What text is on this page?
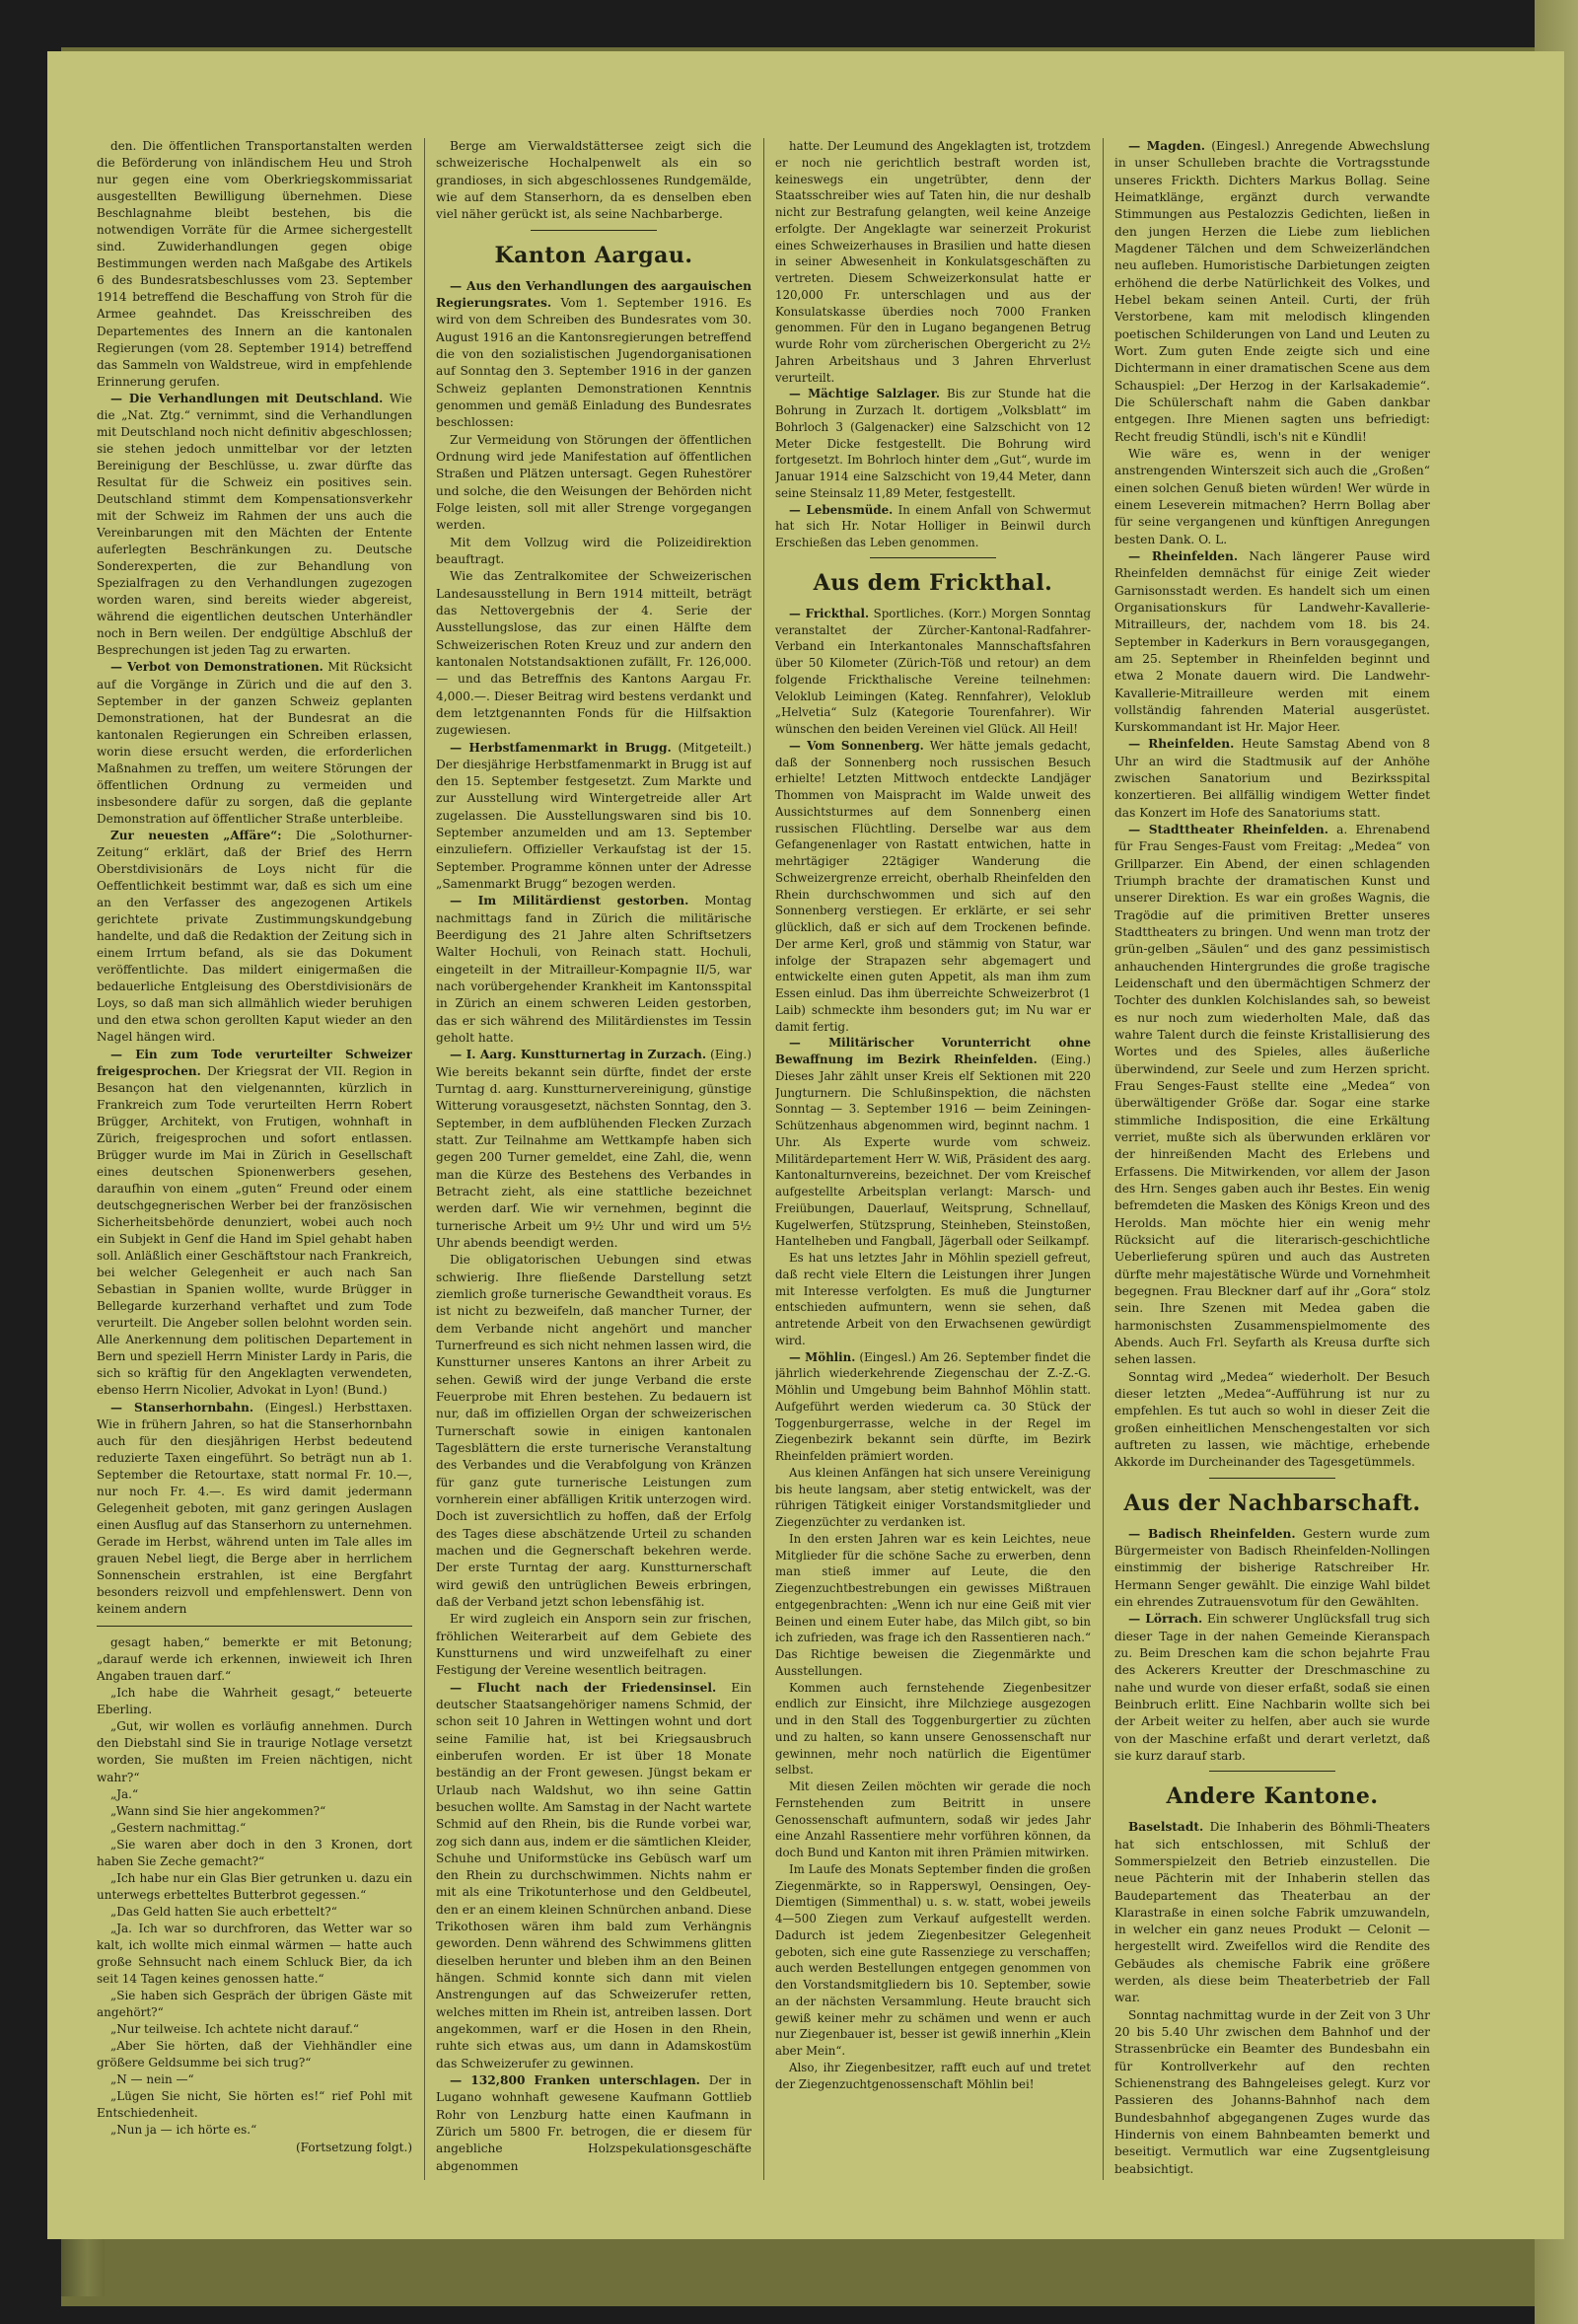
den. Die öffentlichen Transportanstalten werden die Beförderung von inländischem Heu und Stroh nur gegen eine vom Oberkriegskommissariat ausgestellten Bewilligung übernehmen. Diese Beschlagnahme bleibt bestehen, bis die notwendigen Vorräte für die Armee sichergestellt sind. Zuwiderhandlungen gegen obige Bestimmungen werden nach Maßgabe des Artikels 6 des Bundesratsbeschlusses vom 23. September 1914 betreffend die Beschaffung von Stroh für die Armee geahndet. Das Kreisschreiben des Departementes des Innern an die kantonalen Regierungen (vom 28. September 1914) betreffend das Sammeln von Waldstreue, wird in empfehlende Erinnerung gerufen.

— Die Verhandlungen mit Deutschland. Wie die „Nat. Ztg.“ vernimmt, sind die Verhandlungen mit Deutschland noch nicht definitiv abgeschlossen; sie stehen jedoch unmittelbar vor der letzten Bereinigung der Beschlüsse, u. zwar dürfte das Resultat für die Schweiz ein positives sein. Deutschland stimmt dem Kompensationsverkehr mit der Schweiz im Rahmen der uns auch die Vereinbarungen mit den Mächten der Entente auferlegten Beschränkungen zu. Deutsche Sonderexperten, die zur Behandlung von Spezialfragen zu den Verhandlungen zugezogen worden waren, sind bereits wieder abgereist, während die eigentlichen deutschen Unterhändler noch in Bern weilen. Der endgültige Abschluß der Besprechungen ist jeden Tag zu erwarten.

— Verbot von Demonstrationen. Mit Rücksicht auf die Vorgänge in Zürich und die auf den 3. September in der ganzen Schweiz geplanten Demonstrationen, hat der Bundesrat an die kantonalen Regierungen ein Schreiben erlassen, worin diese ersucht werden, die erforderlichen Maßnahmen zu treffen, um weitere Störungen der öffentlichen Ordnung zu vermeiden und insbesondere dafür zu sorgen, daß die geplante Demonstration auf öffentlicher Straße unterbleibe.

Zur neuesten „Affäre“: Die „Solothurner-Zeitung“ erklärt, daß der Brief des Herrn Oberstdivisionärs de Loys nicht für die Oeffentlichkeit bestimmt war, daß es sich um eine an den Verfasser des angezogenen Artikels gerichtete private Zustimmungskundgebung handelte, und daß die Redaktion der Zeitung sich in einem Irrtum befand, als sie das Dokument veröffentlichte. Das mildert einigermaßen die bedauerliche Entgleisung des Oberstdivisionärs de Loys, so daß man sich allmählich wieder beruhigen und den etwa schon gerollten Kaput wieder an den Nagel hängen wird.

— Ein zum Tode verurteilter Schweizer freigesprochen. Der Kriegsrat der VII. Region in Besançon hat den vielgenannten, kürzlich in Frankreich zum Tode verurteilten Herrn Robert Brügger, Architekt, von Frutigen, wohnhaft in Zürich, freigesprochen und sofort entlassen. Brügger wurde im Mai in Zürich in Gesellschaft eines deutschen Spionenwerbers gesehen, daraufhin von einem „guten“ Freund oder einem deutschgegnerischen Werber bei der französischen Sicherheitsbehörde denunziert, wobei auch noch ein Subjekt in Genf die Hand im Spiel gehabt haben soll. Anläßlich einer Geschäftstour nach Frankreich, bei welcher Gelegenheit er auch nach San Sebastian in Spanien wollte, wurde Brügger in Bellegarde kurzerhand verhaftet und zum Tode verurteilt. Die Angeber sollen belohnt worden sein. Alle Anerkennung dem politischen Departement in Bern und speziell Herrn Minister Lardy in Paris, die sich so kräftig für den Angeklagten verwendeten, ebenso Herrn Nicolier, Advokat in Lyon! (Bund.)

— Stanserhornbahn. (Eingesl.) Herbsttaxen. Wie in frühern Jahren, so hat die Stanserhornbahn auch für den diesjährigen Herbst bedeutend reduzierte Taxen eingeführt. So beträgt nun ab 1. September die Retourtaxe, statt normal Fr. 10.—, nur noch Fr. 4.—. Es wird damit jedermann Gelegenheit geboten, mit ganz geringen Auslagen einen Ausflug auf das Stanserhorn zu unternehmen. Gerade im Herbst, während unten im Tale alles im grauen Nebel liegt, die Berge aber in herrlichem Sonnenschein erstrahlen, ist eine Bergfahrt besonders reizvoll und empfehlenswert. Denn von keinem andern

gesagt haben,“ bemerkte er mit Betonung; „darauf werde ich erkennen, inwieweit ich Ihren Angaben trauen darf.“

„Ich habe die Wahrheit gesagt,“ beteuerte Eberling.

„Gut, wir wollen es vorläufig annehmen. Durch den Diebstahl sind Sie in traurige Notlage versetzt worden, Sie mußten im Freien nächtigen, nicht wahr?“

„Ja.“

„Wann sind Sie hier angekommen?“

„Gestern nachmittag.“

„Sie waren aber doch in den 3 Kronen, dort haben Sie Zeche gemacht?“

„Ich habe nur ein Glas Bier getrunken u. dazu ein unterwegs erbetteltes Butterbrot gegessen.“

„Das Geld hatten Sie auch erbettelt?“

„Ja. Ich war so durchfroren, das Wetter war so kalt, ich wollte mich einmal wärmen — hatte auch große Sehnsucht nach einem Schluck Bier, da ich seit 14 Tagen keines genossen hatte.“

„Sie haben sich Gespräch der übrigen Gäste mit angehört?“

„Nur teilweise. Ich achtete nicht darauf.“

„Aber Sie hörten, daß der Viehhändler eine größere Geldsumme bei sich trug?“

„N — nein —“

„Lügen Sie nicht, Sie hörten es!“ rief Pohl mit Entschiedenheit.

„Nun ja — ich hörte es.“

(Fortsetzung folgt.)

Berge am Vierwaldstättersee zeigt sich die schweizerische Hochalpenwelt als ein so grandioses, in sich abgeschlossenes Rundgemälde, wie auf dem Stanserhorn, da es denselben eben viel näher gerückt ist, als seine Nachbarberge.

Kanton Aargau.

— Aus den Verhandlungen des aargauischen Regierungsrates. Vom 1. September 1916. Es wird von dem Schreiben des Bundesrates vom 30. August 1916 an die Kantonsregierungen betreffend die von den sozialistischen Jugendorganisationen auf Sonntag den 3. September 1916 in der ganzen Schweiz geplanten Demonstrationen Kenntnis genommen und gemäß Einladung des Bundesrates beschlossen:

Zur Vermeidung von Störungen der öffentlichen Ordnung wird jede Manifestation auf öffentlichen Straßen und Plätzen untersagt. Gegen Ruhestörer und solche, die den Weisungen der Behörden nicht Folge leisten, soll mit aller Strenge vorgegangen werden.

Mit dem Vollzug wird die Polizeidirektion beauftragt.

Wie das Zentralkomitee der Schweizerischen Landesausstellung in Bern 1914 mitteilt, beträgt das Nettovergebnis der 4. Serie der Ausstellungslose, das zur einen Hälfte dem Schweizerischen Roten Kreuz und zur andern den kantonalen Notstandsaktionen zufällt, Fr. 126,000.— und das Betreffnis des Kantons Aargau Fr. 4,000.—. Dieser Beitrag wird bestens verdankt und dem letztgenannten Fonds für die Hilfsaktion zugewiesen.

— Herbstfamenmarkt in Brugg. (Mitgeteilt.) Der diesjährige Herbstfamenmarkt in Brugg ist auf den 15. September festgesetzt. Zum Markte und zur Ausstellung wird Wintergetreide aller Art zugelassen. Die Ausstellungswaren sind bis 10. September anzumelden und am 13. September einzuliefern. Offizieller Verkaufstag ist der 15. September. Programme können unter der Adresse „Samenmarkt Brugg“ bezogen werden.

— Im Militärdienst gestorben. Montag nachmittags fand in Zürich die militärische Beerdigung des 21 Jahre alten Schriftsetzers Walter Hochuli, von Reinach statt. Hochuli, eingeteilt in der Mitrailleur-Kompagnie II/5, war nach vorübergehender Krankheit im Kantonsspital in Zürich an einem schweren Leiden gestorben, das er sich während des Militärdienstes im Tessin geholt hatte.

— I. Aarg. Kunstturnertag in Zurzach. (Eing.) Wie bereits bekannt sein dürfte, findet der erste Turntag d. aarg. Kunstturnervereinigung, günstige Witterung vorausgesetzt, nächsten Sonntag, den 3. September, in dem aufblühenden Flecken Zurzach statt. Zur Teilnahme am Wettkampfe haben sich gegen 200 Turner gemeldet, eine Zahl, die, wenn man die Kürze des Bestehens des Verbandes in Betracht zieht, als eine stattliche bezeichnet werden darf. Wie wir vernehmen, beginnt die turnerische Arbeit um 9½ Uhr und wird um 5½ Uhr abends beendigt werden.

Die obligatorischen Uebungen sind etwas schwierig. Ihre fließende Darstellung setzt ziemlich große turnerische Gewandtheit voraus. Es ist nicht zu bezweifeln, daß mancher Turner, der dem Verbande nicht angehört und mancher Turnerfreund es sich nicht nehmen lassen wird, die Kunstturner unseres Kantons an ihrer Arbeit zu sehen. Gewiß wird der junge Verband die erste Feuerprobe mit Ehren bestehen. Zu bedauern ist nur, daß im offiziellen Organ der schweizerischen Turnerschaft sowie in einigen kantonalen Tagesblättern die erste turnerische Veranstaltung des Verbandes und die Verabfolgung von Kränzen für ganz gute turnerische Leistungen zum vornherein einer abfälligen Kritik unterzogen wird. Doch ist zuversichtlich zu hoffen, daß der Erfolg des Tages diese abschätzende Urteil zu schanden machen und die Gegnerschaft bekehren werde. Der erste Turntag der aarg. Kunstturnerschaft wird gewiß den untrüglichen Beweis erbringen, daß der Verband jetzt schon lebensfähig ist.

Er wird zugleich ein Ansporn sein zur frischen, fröhlichen Weiterarbeit auf dem Gebiete des Kunstturnens und wird unzweifelhaft zu einer Festigung der Vereine wesentlich beitragen.

— Flucht nach der Friedensinsel. Ein deutscher Staatsangehöriger namens Schmid, der schon seit 10 Jahren in Wettingen wohnt und dort seine Familie hat, ist bei Kriegsausbruch einberufen worden. Er ist über 18 Monate beständig an der Front gewesen. Jüngst bekam er Urlaub nach Waldshut, wo ihn seine Gattin besuchen wollte. Am Samstag in der Nacht wartete Schmid auf den Rhein, bis die Runde vorbei war, zog sich dann aus, indem er die sämtlichen Kleider, Schuhe und Uniformstücke ins Gebüsch warf um den Rhein zu durchschwimmen. Nichts nahm er mit als eine Trikotunterhose und den Geldbeutel, den er an einem kleinen Schnürchen anband. Diese Trikothosen wären ihm bald zum Verhängnis geworden. Denn während des Schwimmens glitten dieselben herunter und bleben ihm an den Beinen hängen. Schmid konnte sich dann mit vielen Anstrengungen auf das Schweizerufer retten, welches mitten im Rhein ist, antreiben lassen. Dort angekommen, warf er die Hosen in den Rhein, ruhte sich etwas aus, um dann in Adamskostüm das Schweizerufer zu gewinnen.

— 132,800 Franken unterschlagen. Der in Lugano wohnhaft gewesene Kaufmann Gottlieb Rohr von Lenzburg hatte einen Kaufmann in Zürich um 5800 Fr. betrogen, die er diesem für angebliche Holzspekulationsgeschäfte abgenommen

hatte. Der Leumund des Angeklagten ist, trotzdem er noch nie gerichtlich bestraft worden ist, keineswegs ein ungetrübter, denn der Staatsschreiber wies auf Taten hin, die nur deshalb nicht zur Bestrafung gelangten, weil keine Anzeige erfolgte. Der Angeklagte war seinerzeit Prokurist eines Schweizerhauses in Brasilien und hatte diesen in seiner Abwesenheit in Konkulatsgeschäften zu vertreten. Diesem Schweizerkonsulat hatte er 120,000 Fr. unterschlagen und aus der Konsulatskasse überdies noch 7000 Franken genommen. Für den in Lugano begangenen Betrug wurde Rohr vom zürcherischen Obergericht zu 2½ Jahren Arbeitshaus und 3 Jahren Ehrverlust verurteilt.

— Mächtige Salzlager. Bis zur Stunde hat die Bohrung in Zurzach lt. dortigem „Volksblatt“ im Bohrloch 3 (Galgenacker) eine Salzschicht von 12 Meter Dicke festgestellt. Die Bohrung wird fortgesetzt. Im Bohrloch hinter dem „Gut“, wurde im Januar 1914 eine Salzschicht von 19,44 Meter, dann seine Steinsalz 11,89 Meter, festgestellt.

— Lebensmüde. In einem Anfall von Schwermut hat sich Hr. Notar Holliger in Beinwil durch Erschießen das Leben genommen.

Aus dem Frickthal.

— Frickthal. Sportliches. (Korr.) Morgen Sonntag veranstaltet der Zürcher-Kantonal-Radfahrer-Verband ein Interkantonales Mannschaftsfahren über 50 Kilometer (Zürich-Töß und retour) an dem folgende Frickthalische Vereine teilnehmen: Veloklub Leimingen (Kateg. Rennfahrer), Veloklub „Helvetia“ Sulz (Kategorie Tourenfahrer). Wir wünschen den beiden Vereinen viel Glück. All Heil!

— Vom Sonnenberg. Wer hätte jemals gedacht, daß der Sonnenberg noch russischen Besuch erhielte! Letzten Mittwoch entdeckte Landjäger Thommen von Maispracht im Walde unweit des Aussichtsturmes auf dem Sonnenberg einen russischen Flüchtling. Derselbe war aus dem Gefangenenlager von Rastatt entwichen, hatte in mehrtägiger 22tägiger Wanderung die Schweizergrenze erreicht, oberhalb Rheinfelden den Rhein durchschwommen und sich auf den Sonnenberg verstiegen. Er erklärte, er sei sehr glücklich, daß er sich auf dem Trockenen befinde. Der arme Kerl, groß und stämmig von Statur, war infolge der Strapazen sehr abgemagert und entwickelte einen guten Appetit, als man ihm zum Essen einlud. Das ihm überreichte Schweizerbrot (1 Laib) schmeckte ihm besonders gut; im Nu war er damit fertig.

— Militärischer Vorunterricht ohne Bewaffnung im Bezirk Rheinfelden. (Eing.) Dieses Jahr zählt unser Kreis elf Sektionen mit 220 Jungturnern. Die Schlußinspektion, die nächsten Sonntag — 3. September 1916 — beim Zeiningen-Schützenhaus abgenommen wird, beginnt nachm. 1 Uhr. Als Experte wurde vom schweiz. Militärdepartement Herr W. Wiß, Präsident des aarg. Kantonalturnvereins, bezeichnet. Der vom Kreischef aufgestellte Arbeitsplan verlangt: Marsch- und Freiübungen, Dauerlauf, Weitsprung, Schnellauf, Kugelwerfen, Stützsprung, Steinheben, Steinstoßen, Hantelheben und Fangball, Jägerball oder Seilkampf.

Es hat uns letztes Jahr in Möhlin speziell gefreut, daß recht viele Eltern die Leistungen ihrer Jungen mit Interesse verfolgten. Es muß die Jungturner entschieden aufmuntern, wenn sie sehen, daß antretende Arbeit von den Erwachsenen gewürdigt wird.

— Möhlin. (Eingesl.) Am 26. September findet die jährlich wiederkehrende Ziegenschau der Z.-Z.-G. Möhlin und Umgebung beim Bahnhof Möhlin statt. Aufgeführt werden wiederum ca. 30 Stück der Toggenburgerrasse, welche in der Regel im Ziegenbezirk bekannt sein dürfte, im Bezirk Rheinfelden prämiert worden.

Aus kleinen Anfängen hat sich unsere Vereinigung bis heute langsam, aber stetig entwickelt, was der rührigen Tätigkeit einiger Vorstandsmitglieder und Ziegenzüchter zu verdanken ist.

In den ersten Jahren war es kein Leichtes, neue Mitglieder für die schöne Sache zu erwerben, denn man stieß immer auf Leute, die den Ziegenzuchtbestrebungen ein gewisses Mißtrauen entgegenbrachten: „Wenn ich nur eine Geiß mit vier Beinen und einem Euter habe, das Milch gibt, so bin ich zufrieden, was frage ich den Rassentieren nach.“ Das Richtige beweisen die Ziegenmärkte und Ausstellungen.

Kommen auch fernstehende Ziegenbesitzer endlich zur Einsicht, ihre Milchziege ausgezogen und in den Stall des Toggenburgertier zu züchten und zu halten, so kann unsere Genossenschaft nur gewinnen, mehr noch natürlich die Eigentümer selbst.

Mit diesen Zeilen möchten wir gerade die noch Fernstehenden zum Beitritt in unsere Genossenschaft aufmuntern, sodaß wir jedes Jahr eine Anzahl Rassentiere mehr vorführen können, da doch Bund und Kanton mit ihren Prämien mitwirken.

Im Laufe des Monats September finden die großen Ziegenmärkte, so in Rapperswyl, Oensingen, Oey-Diemtigen (Simmenthal) u. s. w. statt, wobei jeweils 4—500 Ziegen zum Verkauf aufgestellt werden. Dadurch ist jedem Ziegenbesitzer Gelegenheit geboten, sich eine gute Rassenziege zu verschaffen; auch werden Bestellungen entgegen genommen von den Vorstandsmitgliedern bis 10. September, sowie an der nächsten Versammlung. Heute braucht sich gewiß keiner mehr zu schämen und wenn er auch nur Ziegenbauer ist, besser ist gewiß innerhin „Klein aber Mein“.

Also, ihr Ziegenbesitzer, rafft euch auf und tretet der Ziegenzuchtgenossenschaft Möhlin bei!

— Magden. (Eingesl.) Anregende Abwechslung in unser Schulleben brachte die Vortragsstunde unseres Frickth. Dichters Markus Bollag. Seine Heimatklänge, ergänzt durch verwandte Stimmungen aus Pestalozzis Gedichten, ließen in den jungen Herzen die Liebe zum lieblichen Magdener Tälchen und dem Schweizerländchen neu aufleben. Humoristische Darbietungen zeigten erhöhend die derbe Natürlichkeit des Volkes, und Hebel bekam seinen Anteil. Curti, der früh Verstorbene, kam mit melodisch klingenden poetischen Schilderungen von Land und Leuten zu Wort. Zum guten Ende zeigte sich und eine Dichtermann in einer dramatischen Scene aus dem Schauspiel: „Der Herzog in der Karlsakademie“. Die Schülerschaft nahm die Gaben dankbar entgegen. Ihre Mienen sagten uns befriedigt: Recht freudig Stündli, isch's nit e Kündli!

Wie wäre es, wenn in der weniger anstrengenden Winterszeit sich auch die „Großen“ einen solchen Genuß bieten würden! Wer würde in einem Leseverein mitmachen? Herrn Bollag aber für seine vergangenen und künftigen Anregungen besten Dank. O. L.

— Rheinfelden. Nach längerer Pause wird Rheinfelden demnächst für einige Zeit wieder Garnisonsstadt werden. Es handelt sich um einen Organisationskurs für Landwehr-Kavallerie-Mitrailleurs, der, nachdem vom 18. bis 24. September in Kaderkurs in Bern vorausgegangen, am 25. September in Rheinfelden beginnt und etwa 2 Monate dauern wird. Die Landwehr-Kavallerie-Mitrailleure werden mit einem vollständig fahrenden Material ausgerüstet. Kurskommandant ist Hr. Major Heer.

— Rheinfelden. Heute Samstag Abend von 8 Uhr an wird die Stadtmusik auf der Anhöhe zwischen Sanatorium und Bezirksspital konzertieren. Bei allfällig windigem Wetter findet das Konzert im Hofe des Sanatoriums statt.

— Stadttheater Rheinfelden. a. Ehrenabend für Frau Senges-Faust vom Freitag: „Medea“ von Grillparzer. Ein Abend, der einen schlagenden Triumph brachte der dramatischen Kunst und unserer Direktion. Es war ein großes Wagnis, die Tragödie auf die primitiven Bretter unseres Stadttheaters zu bringen. Und wenn man trotz der grün-gelben „Säulen“ und des ganz pessimistisch anhauchenden Hintergrundes die große tragische Leidenschaft und den übermächtigen Schmerz der Tochter des dunklen Kolchislandes sah, so beweist es nur noch zum wiederholten Male, daß das wahre Talent durch die feinste Kristallisierung des Wortes und des Spieles, alles äußerliche überwindend, zur Seele und zum Herzen spricht. Frau Senges-Faust stellte eine „Medea“ von überwältigender Größe dar. Sogar eine starke stimmliche Indisposition, die eine Erkältung verriet, mußte sich als überwunden erklären vor der hinreißenden Macht des Erlebens und Erfassens. Die Mitwirkenden, vor allem der Jason des Hrn. Senges gaben auch ihr Bestes. Ein wenig befremdeten die Masken des Königs Kreon und des Herolds. Man möchte hier ein wenig mehr Rücksicht auf die literarisch-geschichtliche Ueberlieferung spüren und auch das Austreten dürfte mehr majestätische Würde und Vornehmheit begegnen. Frau Bleckner darf auf ihr „Gora“ stolz sein. Ihre Szenen mit Medea gaben die harmonischsten Zusammenspielmomente des Abends. Auch Frl. Seyfarth als Kreusa durfte sich sehen lassen.

Sonntag wird „Medea“ wiederholt. Der Besuch dieser letzten „Medea“-Aufführung ist nur zu empfehlen. Es tut auch so wohl in dieser Zeit die großen einheitlichen Menschengestalten vor sich auftreten zu lassen, wie mächtige, erhebende Akkorde im Durcheinander des Tagesgetümmels.

Aus der Nachbarschaft.

— Badisch Rheinfelden. Gestern wurde zum Bürgermeister von Badisch Rheinfelden-Nollingen einstimmig der bisherige Ratschreiber Hr. Hermann Senger gewählt. Die einzige Wahl bildet ein ehrendes Zutrauensvotum für den Gewählten.

— Lörrach. Ein schwerer Unglücksfall trug sich dieser Tage in der nahen Gemeinde Kieranspach zu. Beim Dreschen kam die schon bejahrte Frau des Ackerers Kreutter der Dreschmaschine zu nahe und wurde von dieser erfaßt, sodaß sie einen Beinbruch erlitt. Eine Nachbarin wollte sich bei der Arbeit weiter zu helfen, aber auch sie wurde von der Maschine erfaßt und derart verletzt, daß sie kurz darauf starb.

Andere Kantone.

Baselstadt. Die Inhaberin des Böhmli-Theaters hat sich entschlossen, mit Schluß der Sommerspielzeit den Betrieb einzustellen. Die neue Pächterin mit der Inhaberin stellen das Baudepartement das Theaterbau an der Klarastraße in einen solche Fabrik umzuwandeln, in welcher ein ganz neues Produkt — Celonit — hergestellt wird. Zweifellos wird die Rendite des Gebäudes als chemische Fabrik eine größere werden, als diese beim Theaterbetrieb der Fall war.

Sonntag nachmittag wurde in der Zeit von 3 Uhr 20 bis 5.40 Uhr zwischen dem Bahnhof und der Strassenbrücke ein Beamter des Bundesbahn ein für Kontrollverkehr auf den rechten Schienenstrang des Bahngeleises gelegt. Kurz vor Passieren des Johanns-Bahnhof nach dem Bundesbahnhof abgegangenen Zuges wurde das Hindernis von einem Bahnbeamten bemerkt und beseitigt. Vermutlich war eine Zugsentgleisung beabsichtigt.
